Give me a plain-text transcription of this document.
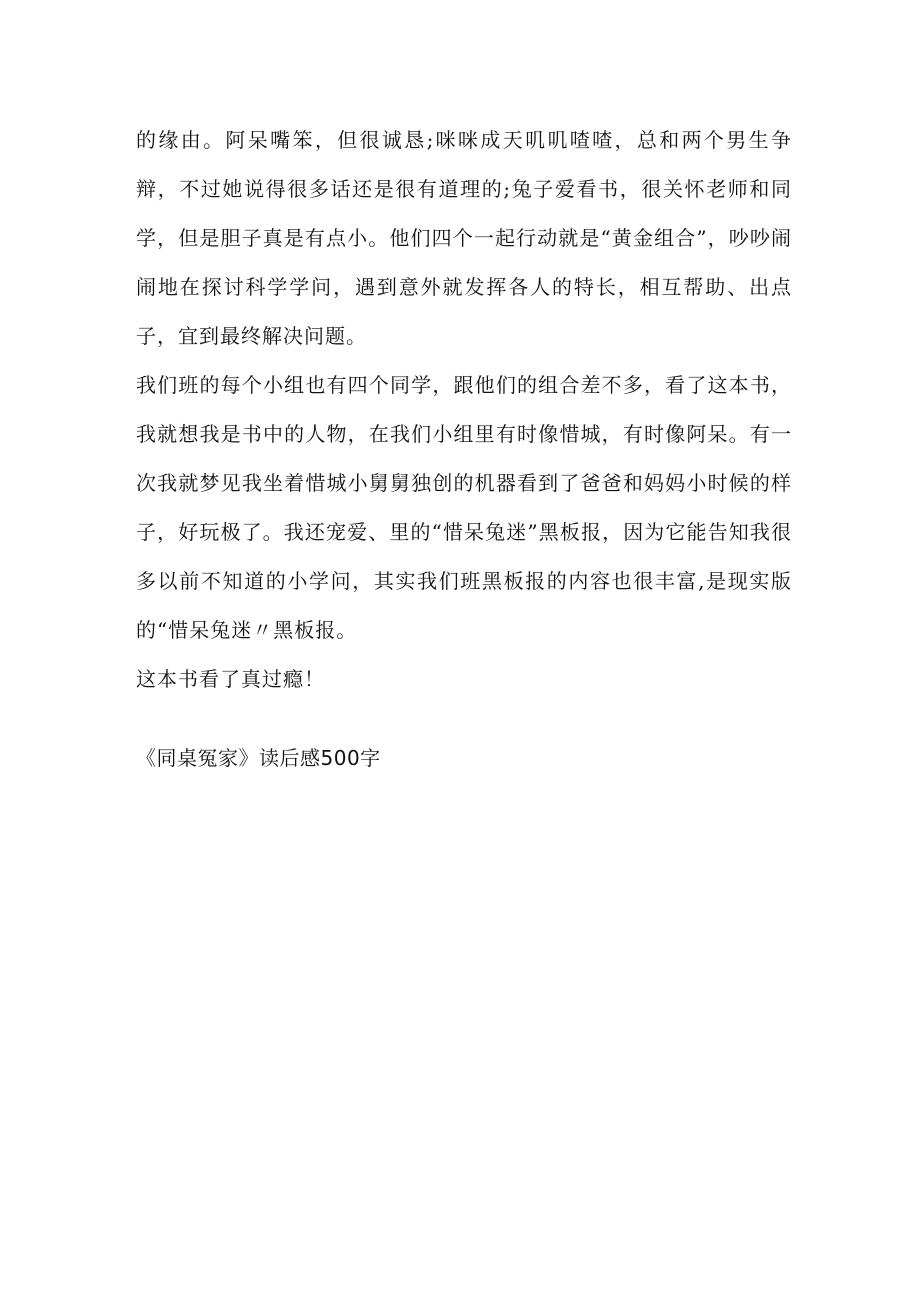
的缘由。阿呆嘴笨，但很诚恳;咪咪成天叽叽喳喳，总和两个男生争辩，不过她说得很多话还是很有道理的;兔子爱看书，很关怀老师和同学，但是胆子真是有点小。他们四个一起行动就是“黄金组合”，吵吵闹闹地在探讨科学学问，遇到意外就发挥各人的特长，相互帮助、出点子，宜到最终解决问题。

我们班的每个小组也有四个同学，跟他们的组合差不多，看了这本书，我就想我是书中的人物，在我们小组里有时像惜城，有时像阿呆。有一次我就梦见我坐着惜城小舅舅独创的机器看到了爸爸和妈妈小时候的样子，好玩极了。我还宠爱、里的“惜呆兔迷”黑板报，因为它能告知我很多以前不知道的小学问，其实我们班黑板报的内容也很丰富,是现实版的“惜呆兔迷〃黑板报。

这本书看了真过瘾！

《同桌冤家》读后感500字
